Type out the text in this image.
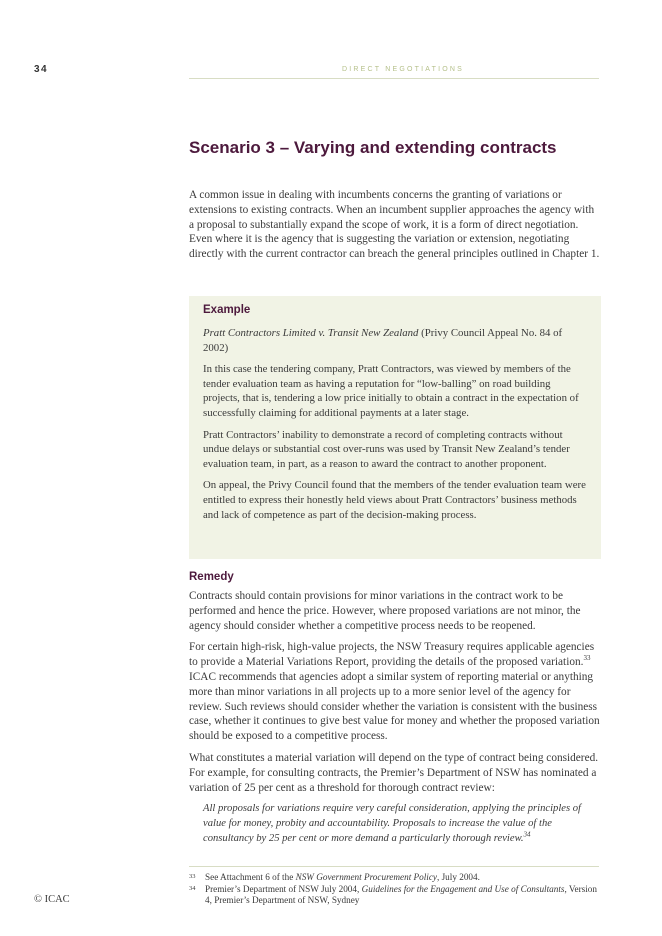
34	DIRECT NEGOTIATIONS
Scenario 3 – Varying and extending contracts

A common issue in dealing with incumbents concerns the granting of variations or extensions to existing contracts. When an incumbent supplier approaches the agency with a proposal to substantially expand the scope of work, it is a form of direct negotiation. Even where it is the agency that is suggesting the variation or extension, negotiating directly with the current contractor can breach the general principles outlined in Chapter 1.

Example

Pratt Contractors Limited v. Transit New Zealand (Privy Council Appeal No. 84 of 2002)

In this case the tendering company, Pratt Contractors, was viewed by members of the tender evaluation team as having a reputation for “low-balling” on road building projects, that is, tendering a low price initially to obtain a contract in the expectation of successfully claiming for additional payments at a later stage.

Pratt Contractors’ inability to demonstrate a record of completing contracts without undue delays or substantial cost over-runs was used by Transit New Zealand’s tender evaluation team, in part, as a reason to award the contract to another proponent.

On appeal, the Privy Council found that the members of the tender evaluation team were entitled to express their honestly held views about Pratt Contractors’ business methods and lack of competence as part of the decision-making process.

Remedy

Contracts should contain provisions for minor variations in the contract work to be performed and hence the price. However, where proposed variations are not minor, the agency should consider whether a competitive process needs to be reopened.

For certain high-risk, high-value projects, the NSW Treasury requires applicable agencies to provide a Material Variations Report, providing the details of the proposed variation.$^{33}$ ICAC recommends that agencies adopt a similar system of reporting material or anything more than minor variations in all projects up to a more senior level of the agency for review. Such reviews should consider whether the variation is consistent with the business case, whether it continues to give best value for money and whether the proposed variation should be exposed to a competitive process.

What constitutes a material variation will depend on the type of contract being considered. For example, for consulting contracts, the Premier’s Department of NSW has nominated a variation of 25 per cent as a threshold for thorough contract review:

All proposals for variations require very careful consideration, applying the principles of value for money, probity and accountability. Proposals to increase the value of the consultancy by 25 per cent or more demand a particularly thorough review.$^{34}$

33	See Attachment 6 of the NSW Government Procurement Policy, July 2004.
34	Premier’s Department of NSW July 2004, Guidelines for the Engagement and Use of Consultants, Version 4, Premier’s Department of NSW, Sydney
© ICAC
